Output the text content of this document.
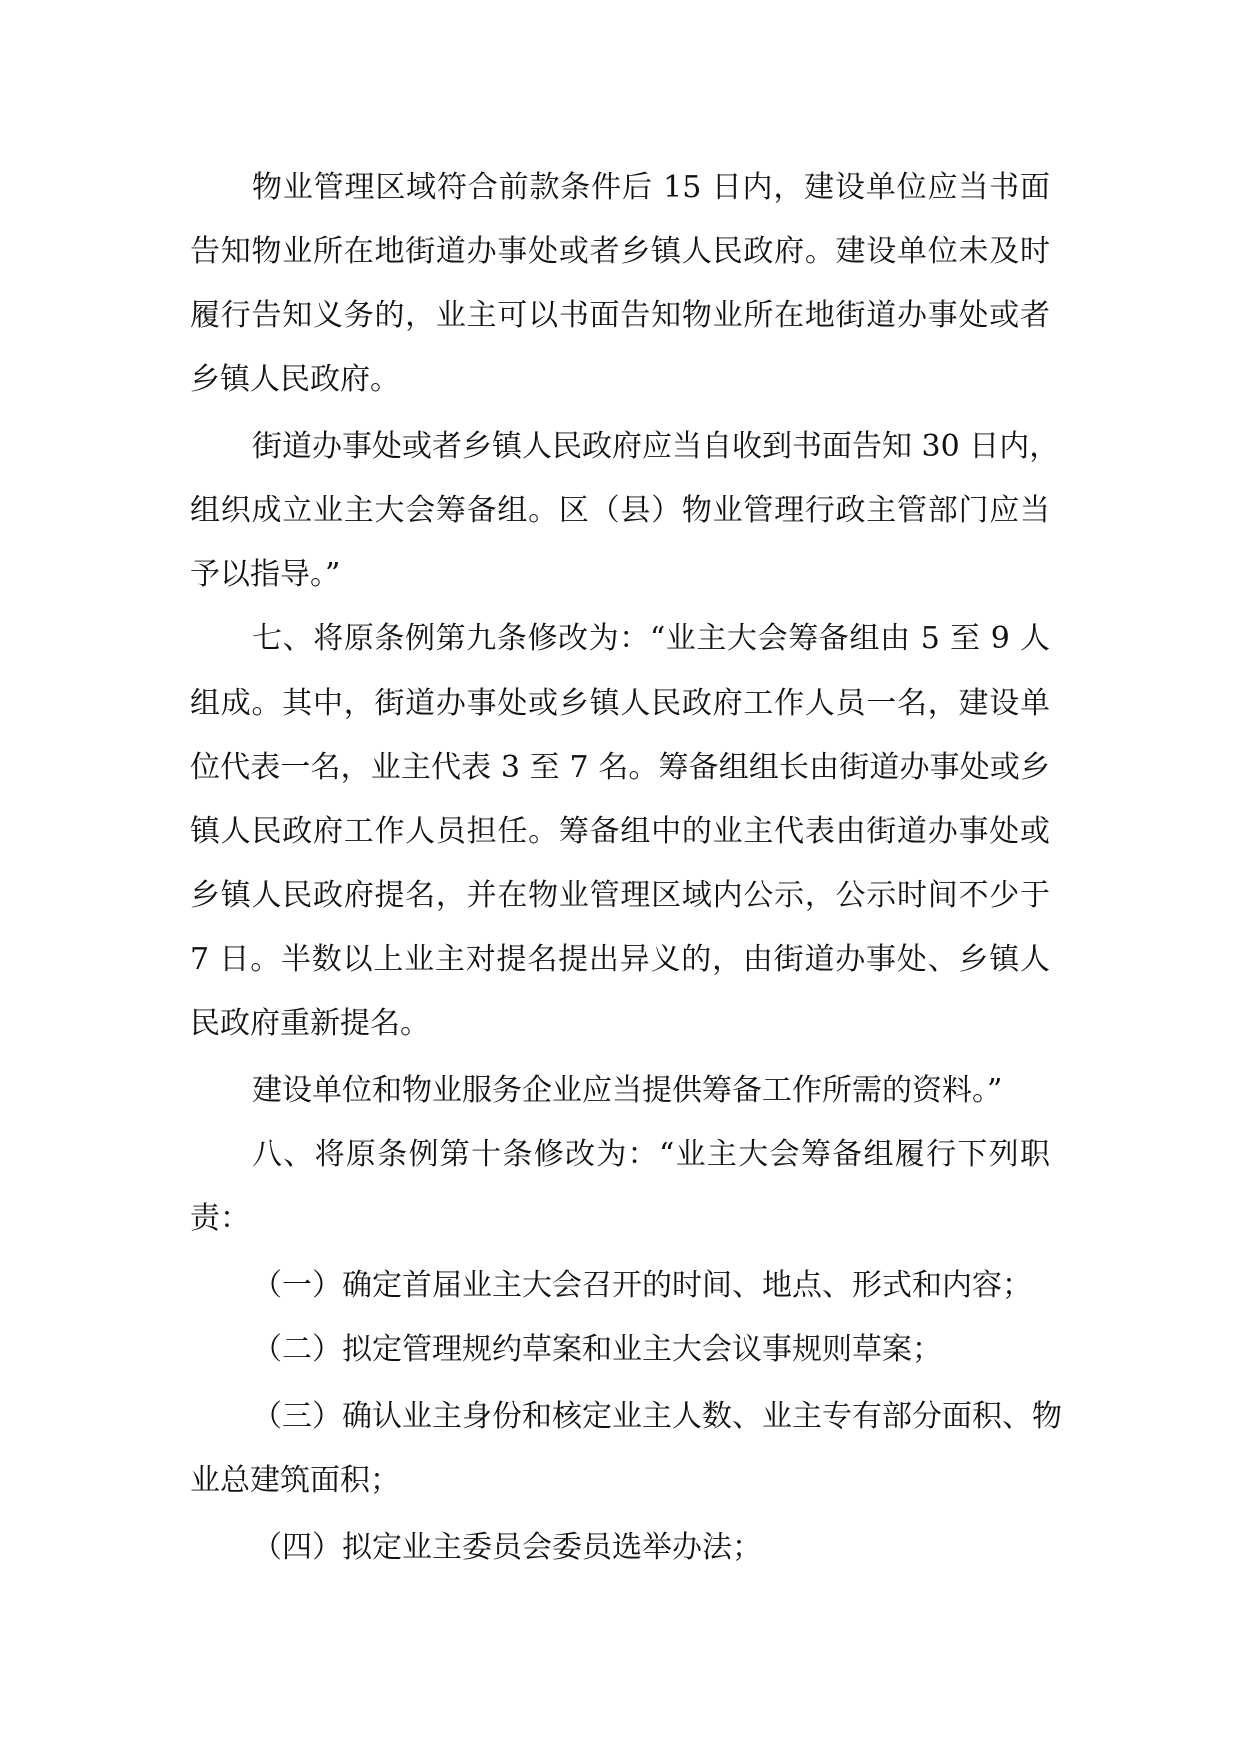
物业管理区域符合前款条件后 15 日内，建设单位应当书面
告知物业所在地街道办事处或者乡镇人民政府。建设单位未及时
履行告知义务的，业主可以书面告知物业所在地街道办事处或者
乡镇人民政府。
街道办事处或者乡镇人民政府应当自收到书面告知 30 日内，
组织成立业主大会筹备组。区（县）物业管理行政主管部门应当
予以指导。”
七、将原条例第九条修改为：“业主大会筹备组由 5 至 9 人
组成。其中，街道办事处或乡镇人民政府工作人员一名，建设单
位代表一名，业主代表 3 至 7 名。筹备组组长由街道办事处或乡
镇人民政府工作人员担任。筹备组中的业主代表由街道办事处或
乡镇人民政府提名，并在物业管理区域内公示，公示时间不少于
7 日。半数以上业主对提名提出异义的，由街道办事处、乡镇人
民政府重新提名。
建设单位和物业服务企业应当提供筹备工作所需的资料。”
八、将原条例第十条修改为：“业主大会筹备组履行下列职
责：
（一）确定首届业主大会召开的时间、地点、形式和内容；
（二）拟定管理规约草案和业主大会议事规则草案；
（三）确认业主身份和核定业主人数、业主专有部分面积、物
业总建筑面积；
（四）拟定业主委员会委员选举办法；
